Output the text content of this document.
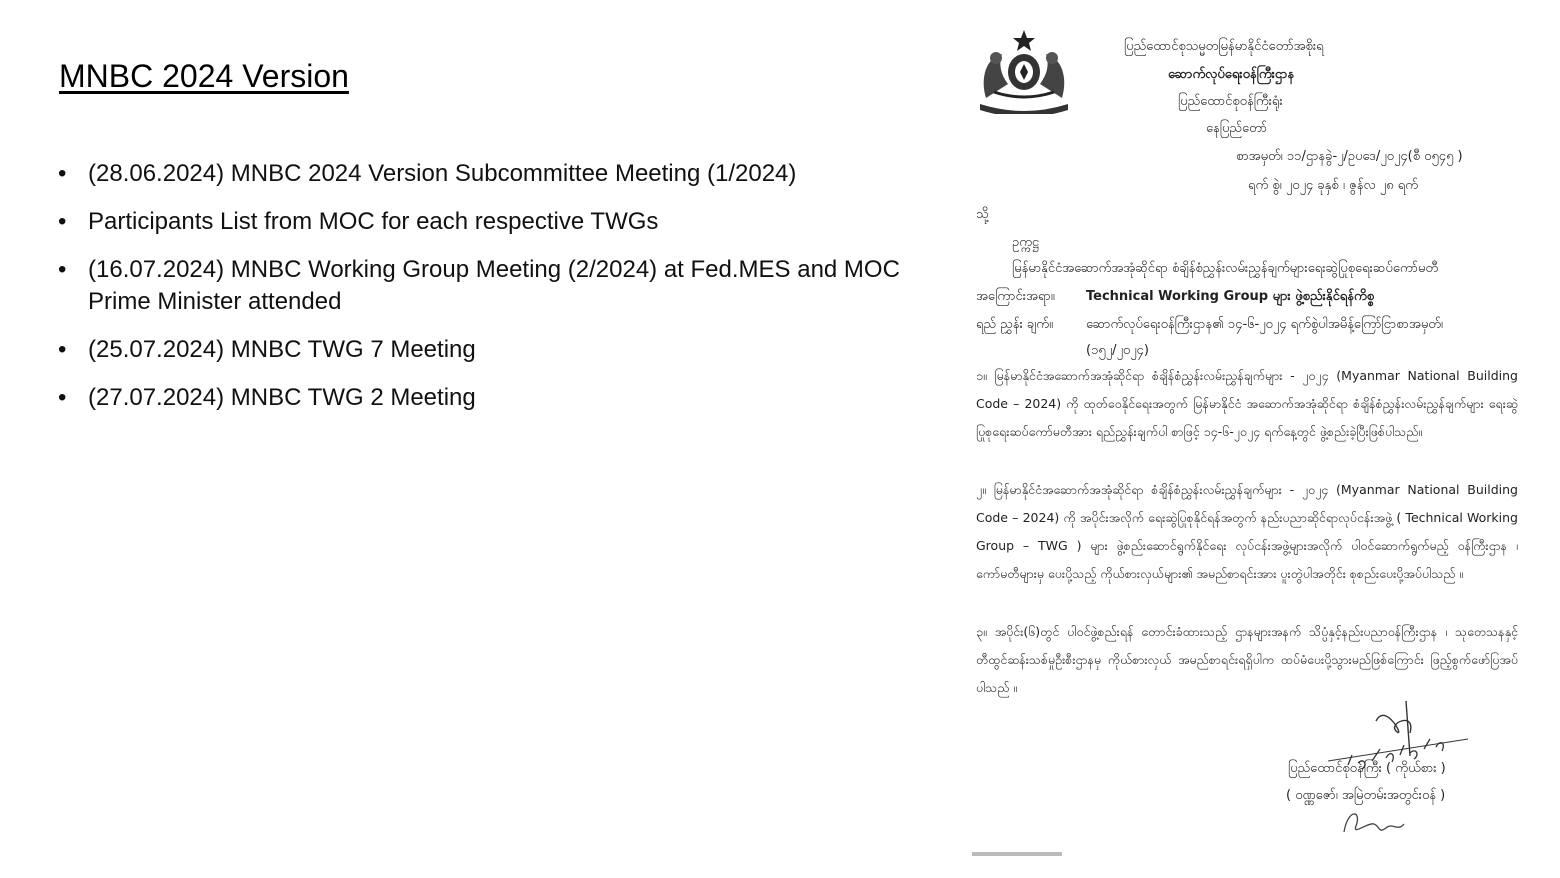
MNBC 2024 Version
• (28.06.2024) MNBC 2024 Version Subcommittee Meeting (1/2024)
• Participants List from MOC for each respective TWGs
• (16.07.2024) MNBC Working Group Meeting (2/2024) at Fed.MES and MOC Prime Minister attended
• (25.07.2024) MNBC TWG 7 Meeting
• (27.07.2024) MNBC TWG 2 Meeting
ပြည်ထောင်စုသမ္မတမြန်မာနိုင်ငံတော်အစိုးရ
ဆောက်လုပ်ရေးဝန်ကြီးဌာန
ပြည်ထောင်စုဝန်ကြီးရုံး
နေပြည်တော်
စာအမှတ်၊ ၁၁/ဌာနခွဲ-၂/ဥပဒေ/၂၀၂၄(စီ ၀၅၄၅ )
ရက် စွဲ၊ ၂၀၂၄ ခုနှစ် ၊ ဇွန်လ ၂၈ ရက်
သို့
ဥက္ကဋ္ဌ
မြန်မာနိုင်ငံအဆောက်အအုံဆိုင်ရာ စံချိန်စံညွှန်းလမ်းညွှန်ချက်များရေးဆွဲပြုစုရေးဆပ်ကော်မတီ
အကြောင်းအရာ။ Technical Working Group များ ဖွဲ့စည်းနိုင်ရန်ကိစ္စ
ရည် ညွှန်း ချက်။	ဆောက်လုပ်ရေးဝန်ကြီးဌာန၏ ၁၄-၆-၂၀၂၄ ရက်စွဲပါအမိန့်ကြော်ငြာစာအမှတ်၊
(၁၅၂/၂၀၂၄)
၁။ မြန်မာနိုင်ငံအဆောက်အအုံဆိုင်ရာ စံချိန်စံညွှန်းလမ်းညွှန်ချက်များ - ၂၀၂၄ (Myanmar National Building Code – 2024) ကို ထုတ်ဝေနိုင်ရေးအတွက် မြန်မာနိုင်ငံ အဆောက်အအုံဆိုင်ရာ စံချိန်စံညွှန်းလမ်းညွှန်ချက်များ ရေးဆွဲပြုစုရေးဆပ်ကော်မတီအား ရည်ညွှန်းချက်ပါ စာဖြင့် ၁၄-၆-၂၀၂၄ ရက်နေ့တွင် ဖွဲ့စည်းခဲ့ပြီးဖြစ်ပါသည်။
၂။ မြန်မာနိုင်ငံအဆောက်အအုံဆိုင်ရာ စံချိန်စံညွှန်းလမ်းညွှန်ချက်များ - ၂၀၂၄ (Myanmar National Building Code – 2024) ကို အပိုင်းအလိုက် ရေးဆွဲပြုစုနိုင်ရန်အတွက် နည်းပညာဆိုင်ရာလုပ်ငန်းအဖွဲ့ ( Technical Working Group – TWG ) များ ဖွဲ့စည်းဆောင်ရွက်နိုင်ရေး လုပ်ငန်းအဖွဲ့များအလိုက် ပါဝင်ဆောက်ရွက်မည့် ဝန်ကြီးဌာန ၊ ကော်မတီများမှ ပေးပို့သည့် ကိုယ်စားလှယ်များ၏ အမည်စာရင်းအား ပူးတွဲပါအတိုင်း စုစည်းပေးပို့အပ်ပါသည် ။
၃။ အပိုင်း(၆)တွင် ပါဝင်ဖွဲ့စည်းရန် တောင်းခံထားသည့် ဌာနများအနက် သိပ္ပံနှင့်နည်းပညာဝန်ကြီးဌာန ၊ သုတေသနနှင့်တီထွင်ဆန်းသစ်မှုဦးစီးဌာနမှ ကိုယ်စားလှယ် အမည်စာရင်းရရှိပါက ထပ်မံပေးပို့သွားမည်ဖြစ်ကြောင်း ဖြည့်စွက်ဖော်ပြအပ်ပါသည် ။
ပြည်ထောင်စုဝန်ကြီး ( ကိုယ်စား )
( ဝဏ္ဏဇော်၊ အမြဲတမ်းအတွင်းဝန် )
